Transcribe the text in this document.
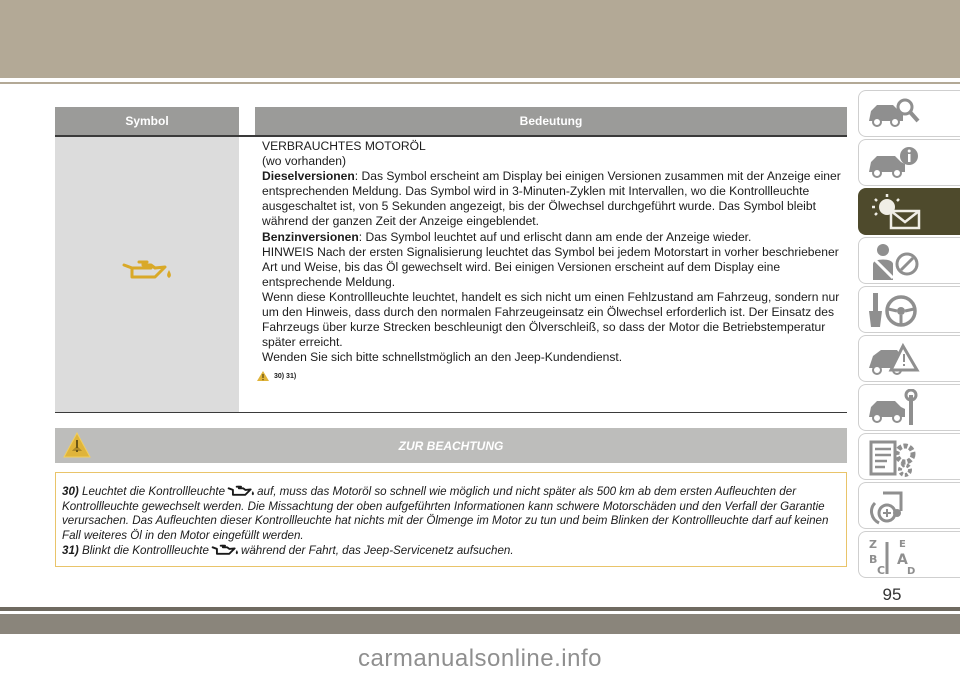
Symbol	Bedeutung

VERBRAUCHTES MOTORÖL

(wo vorhanden)

Dieselversionen: Das Symbol erscheint am Display bei einigen Versionen zusammen mit der Anzeige einer entsprechenden Meldung. Das Symbol wird in 3-Minuten-Zyklen mit Intervallen, wo die Kontrollleuchte ausgeschaltet ist, von 5 Sekunden angezeigt, bis der Ölwechsel durchgeführt wurde. Das Symbol bleibt während der ganzen Zeit der Anzeige eingeblendet.

Benzinversionen: Das Symbol leuchtet auf und erlischt dann am ende der Anzeige wieder.

HINWEIS Nach der ersten Signalisierung leuchtet das Symbol bei jedem Motorstart in vorher beschriebener Art und Weise, bis das Öl gewechselt wird. Bei einigen Versionen erscheint auf dem Display eine entsprechende Meldung.

Wenn diese Kontrollleuchte leuchtet, handelt es sich nicht um einen Fehlzustand am Fahrzeug, sondern nur um den Hinweis, dass durch den normalen Fahrzeugeinsatz ein Ölwechsel erforderlich ist. Der Einsatz des Fahrzeugs über kurze Strecken beschleunigt den Ölverschleiß, so dass der Motor die Betriebstemperatur später erreicht.

Wenden Sie sich bitte schnellstmöglich an den Jeep-Kundendienst.

30) 31)
ZUR BEACHTUNG

30) Leuchtet die Kontrollleuchte	auf, muss das Motoröl so schnell wie möglich und nicht später als 500 km ab dem ersten Aufleuchten der Kontrollleuchte gewechselt werden. Die Missachtung der oben aufgeführten Informationen kann schwere Motorschäden und den Verfall der Garantie verursachen. Das Aufleuchten dieser Kontrollleuchte hat nichts mit der Ölmenge im Motor zu tun und beim Blinken der Kontrollleuchte darf auf keinen Fall weiteres Öl in den Motor eingefüllt werden.

31) Blinkt die Kontrollleuchte	während der Fahrt, das Jeep-Servicenetz aufsuchen.	Z E
B A
C D
95
carmanualsonline.info
